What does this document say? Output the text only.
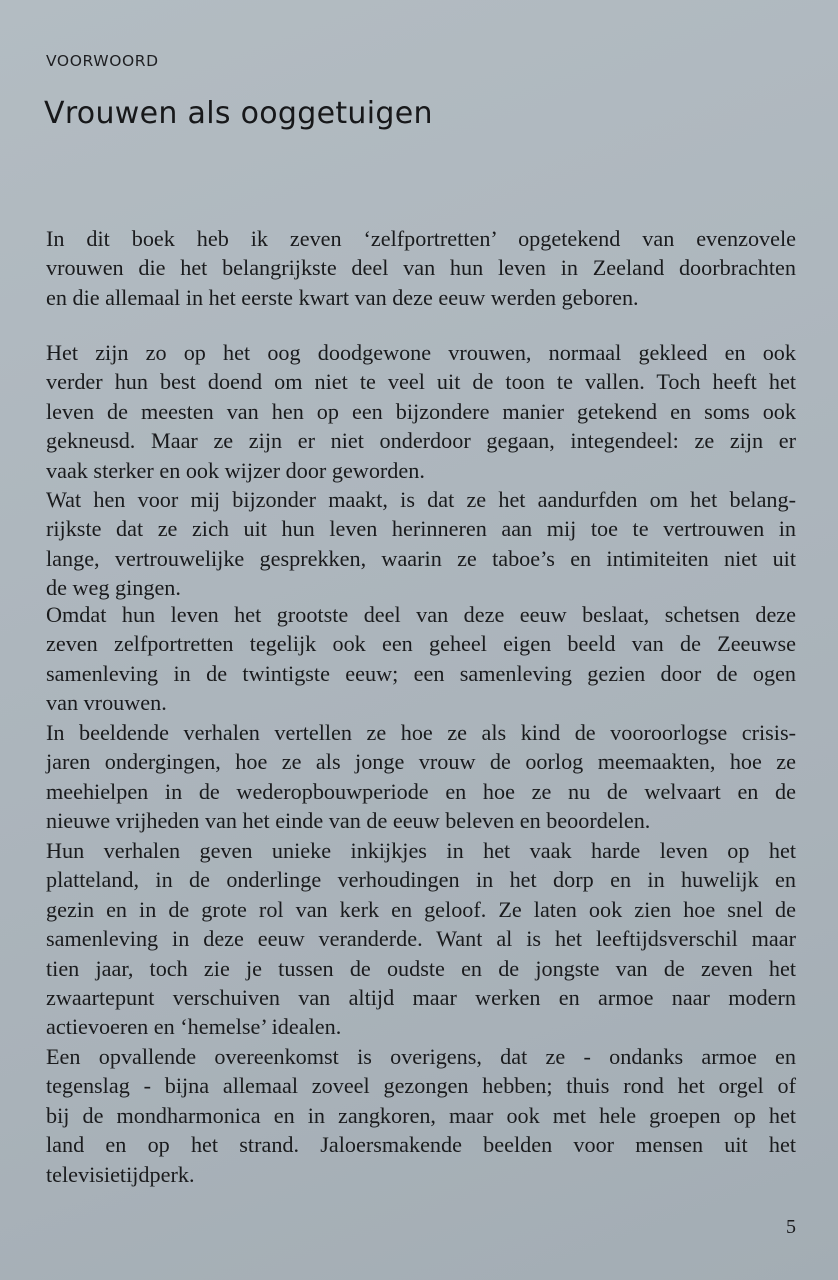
VOORWOORD
Vrouwen als ooggetuigen
In dit boek heb ik zeven ‘zelfportretten’ opgetekend van evenzovele
vrouwen die het belangrijkste deel van hun leven in Zeeland doorbrachten
en die allemaal in het eerste kwart van deze eeuw werden geboren.
Het zijn zo op het oog doodgewone vrouwen, normaal gekleed en ook
verder hun best doend om niet te veel uit de toon te vallen. Toch heeft het
leven de meesten van hen op een bijzondere manier getekend en soms ook
gekneusd. Maar ze zijn er niet onderdoor gegaan, integendeel: ze zijn er
vaak sterker en ook wijzer door geworden.
Wat hen voor mij bijzonder maakt, is dat ze het aandurfden om het belang-
rijkste dat ze zich uit hun leven herinneren aan mij toe te vertrouwen in
lange, vertrouwelijke gesprekken, waarin ze taboe’s en intimiteiten niet uit
de weg gingen.
Omdat hun leven het grootste deel van deze eeuw beslaat, schetsen deze
zeven zelfportretten tegelijk ook een geheel eigen beeld van de Zeeuwse
samenleving in de twintigste eeuw; een samenleving gezien door de ogen
van vrouwen.
In beeldende verhalen vertellen ze hoe ze als kind de vooroorlogse crisis-
jaren ondergingen, hoe ze als jonge vrouw de oorlog meemaakten, hoe ze
meehielpen in de wederopbouwperiode en hoe ze nu de welvaart en de
nieuwe vrijheden van het einde van de eeuw beleven en beoordelen.
Hun verhalen geven unieke inkijkjes in het vaak harde leven op het
platteland, in de onderlinge verhoudingen in het dorp en in huwelijk en
gezin en in de grote rol van kerk en geloof. Ze laten ook zien hoe snel de
samenleving in deze eeuw veranderde. Want al is het leeftijdsverschil maar
tien jaar, toch zie je tussen de oudste en de jongste van de zeven het
zwaartepunt verschuiven van altijd maar werken en armoe naar modern
actievoeren en ‘hemelse’ idealen.
Een opvallende overeenkomst is overigens, dat ze - ondanks armoe en
tegenslag - bijna allemaal zoveel gezongen hebben; thuis rond het orgel of
bij de mondharmonica en in zangkoren, maar ook met hele groepen op het
land en op het strand. Jaloersmakende beelden voor mensen uit het
televisietijdperk.
5
